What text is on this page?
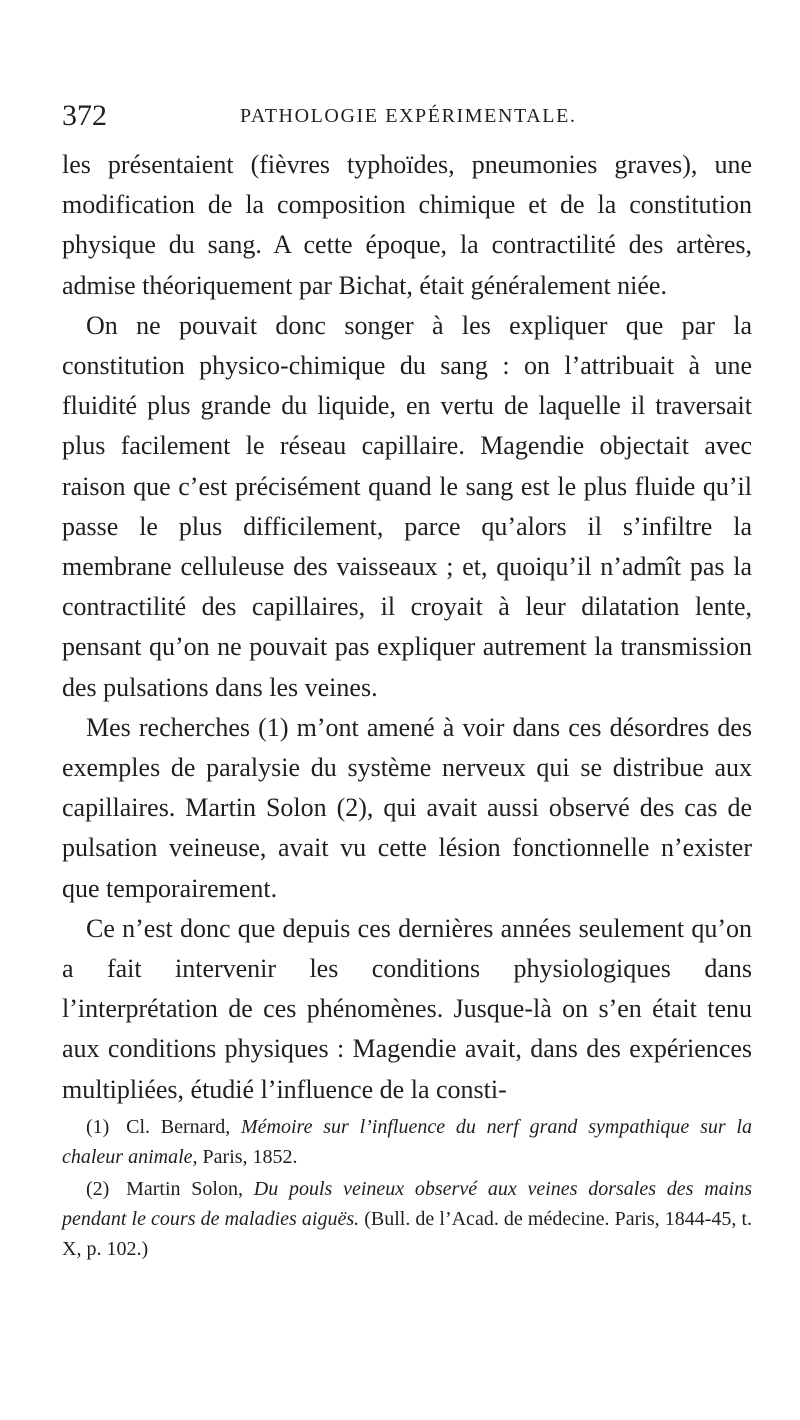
372	PATHOLOGIE EXPÉRIMENTALE.

les présentaient (fièvres typhoïdes, pneumonies graves), une modification de la composition chimique et de la constitution physique du sang. A cette époque, la contractilité des artères, admise théoriquement par Bichat, était généralement niée.

On ne pouvait donc songer à les expliquer que par la constitution physico-chimique du sang : on l’attribuait à une fluidité plus grande du liquide, en vertu de laquelle il traversait plus facilement le réseau capillaire. Magendie objectait avec raison que c’est précisément quand le sang est le plus fluide qu’il passe le plus difficilement, parce qu’alors il s’infiltre la membrane celluleuse des vaisseaux ; et, quoiqu’il n’admît pas la contractilité des capillaires, il croyait à leur dilatation lente, pensant qu’on ne pouvait pas expliquer autrement la transmission des pulsations dans les veines.

Mes recherches (1) m’ont amené à voir dans ces désordres des exemples de paralysie du système nerveux qui se distribue aux capillaires. Martin Solon (2), qui avait aussi observé des cas de pulsation veineuse, avait vu cette lésion fonctionnelle n’exister que temporairement.

Ce n’est donc que depuis ces dernières années seulement qu’on a fait intervenir les conditions physiologiques dans l’interprétation de ces phénomènes. Jusque-là on s’en était tenu aux conditions physiques : Magendie avait, dans des expériences multipliées, étudié l’influence de la consti-

(1) Cl. Bernard, Mémoire sur l’influence du nerf grand sympathique sur la chaleur animale, Paris, 1852.

(2) Martin Solon, Du pouls veineux observé aux veines dorsales des mains pendant le cours de maladies aiguës. (Bull. de l’Acad. de médecine. Paris, 1844-45, t. X, p. 102.)
